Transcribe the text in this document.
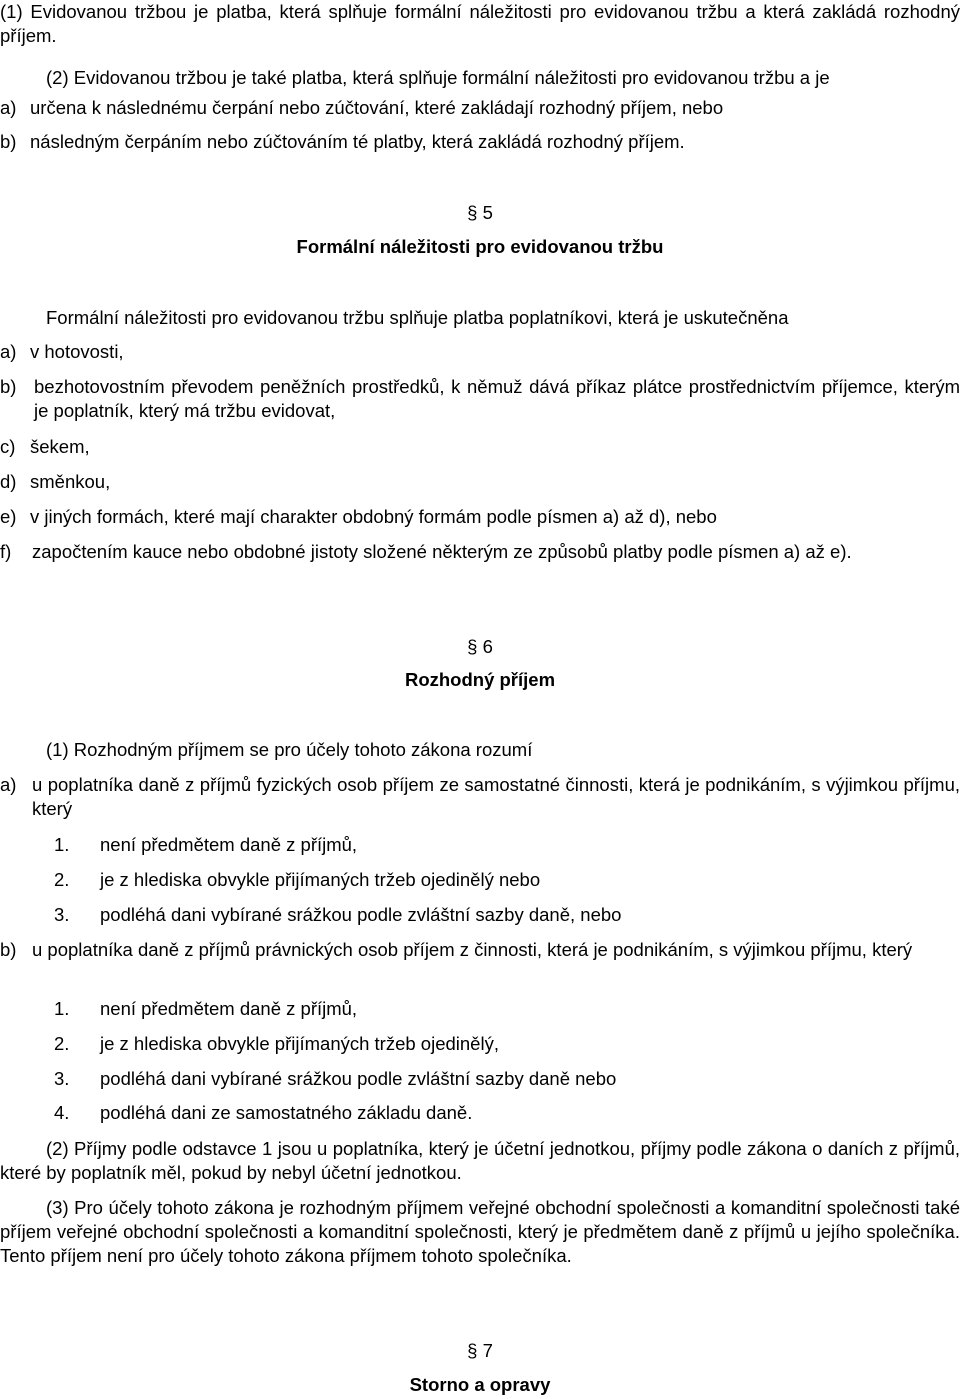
(1) Evidovanou tržbou je platba, která splňuje formální náležitosti pro evidovanou tržbu a která zakládá rozhodný příjem.

(2) Evidovanou tržbou je také platba, která splňuje formální náležitosti pro evidovanou tržbu a je

a) určena k následnému čerpání nebo zúčtování, které zakládají rozhodný příjem, nebo
b) následným čerpáním nebo zúčtováním té platby, která zakládá rozhodný příjem.
§ 5
Formální náležitosti pro evidovanou tržbu

Formální náležitosti pro evidovanou tržbu splňuje platba poplatníkovi, která je uskutečněna

a) v hotovosti,
b) bezhotovostním převodem peněžních prostředků, k němuž dává příkaz plátce prostřednictvím příjemce, kterým je poplatník, který má tržbu evidovat,
c) šekem,
d) směnkou,
e) v jiných formách, které mají charakter obdobný formám podle písmen a) až d), nebo
f) započtením kauce nebo obdobné jistoty složené některým ze způsobů platby podle písmen a) až e).
§ 6
Rozhodný příjem

(1) Rozhodným příjmem se pro účely tohoto zákona rozumí

a) u poplatníka daně z příjmů fyzických osob příjem ze samostatné činnosti, která je podnikáním, s výjimkou příjmu, který
1. není předmětem daně z příjmů,
2. je z hlediska obvykle přijímaných tržeb ojedinělý nebo
3. podléhá dani vybírané srážkou podle zvláštní sazby daně, nebo
b) u poplatníka daně z příjmů právnických osob příjem z činnosti, která je podnikáním, s výjimkou příjmu, který
1. není předmětem daně z příjmů,
2. je z hlediska obvykle přijímaných tržeb ojedinělý,
3. podléhá dani vybírané srážkou podle zvláštní sazby daně nebo
4. podléhá dani ze samostatného základu daně.

(2) Příjmy podle odstavce 1 jsou u poplatníka, který je účetní jednotkou, příjmy podle zákona o daních z příjmů, které by poplatník měl, pokud by nebyl účetní jednotkou.

(3) Pro účely tohoto zákona je rozhodným příjmem veřejné obchodní společnosti a komanditní společnosti také příjem veřejné obchodní společnosti a komanditní společnosti, který je předmětem daně z příjmů u jejího společníka. Tento příjem není pro účely tohoto zákona příjmem tohoto společníka.

§ 7
Storno a opravy
